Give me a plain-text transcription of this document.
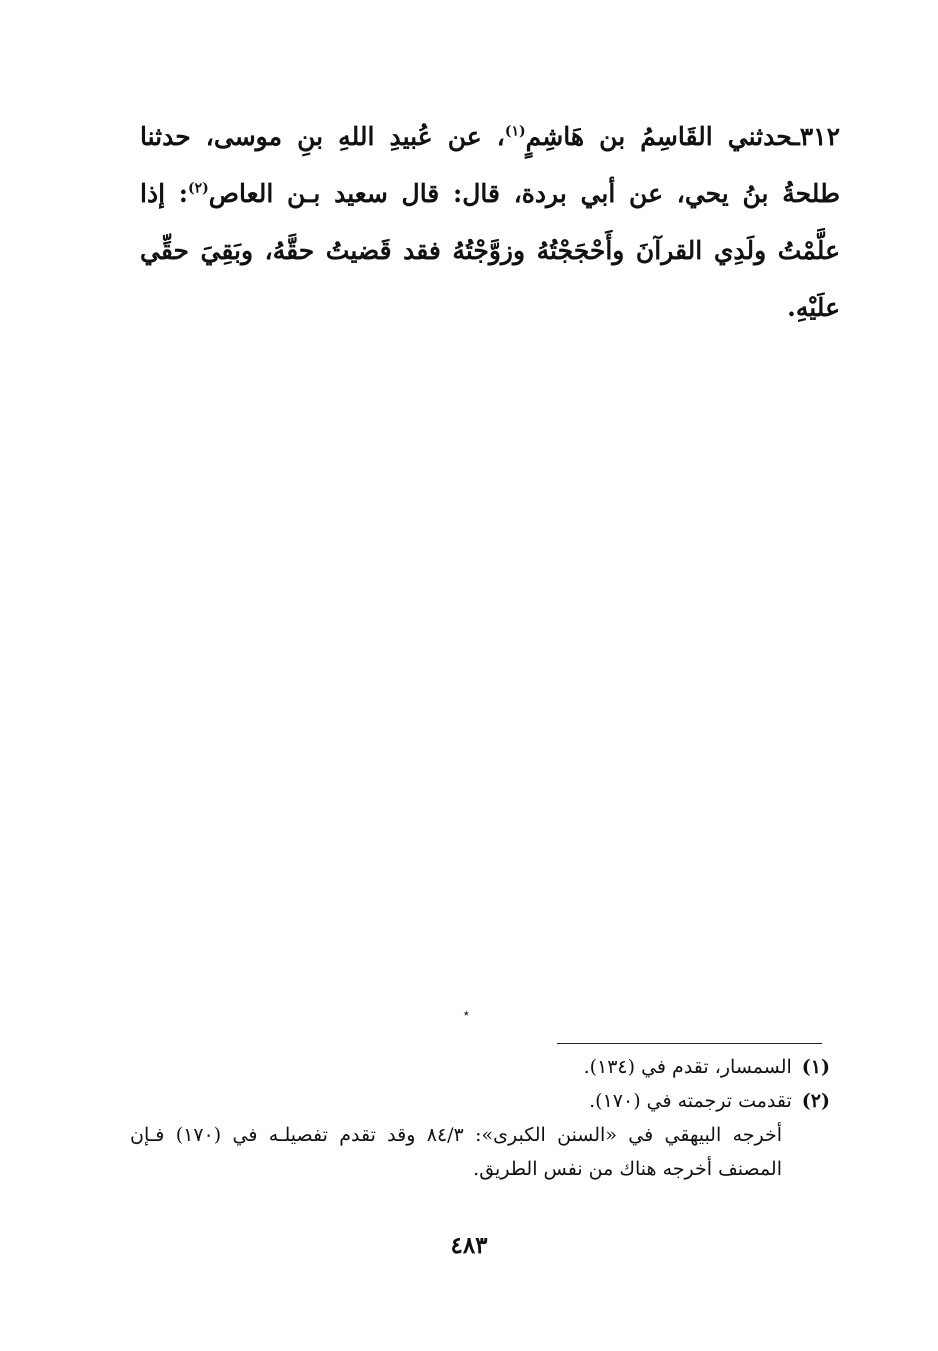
٣١٢ـحدثني القَاسِمُ بن هَاشِمٍ$^{(١)}$، عن عُبيدِ اللهِ بنِ موسى، حدثنا طلحةُ بنُ يحي، عن أبي بردة، قال: قال سعيد بـن العاص$^{(٢)}$: إذا علَّمْتُ ولَدِي القرآنَ وأَحْجَجْتُهُ وزوَّجْتُهُ فقد قَضيتُ حقَّهُ، وبَقِيَ حقِّي علَيْهِ.

٭

(١)السمسار، تقدم في (١٣٤).

(٢)تقدمت ترجمته في (١٧٠).

أخرجه البيهقي في «السنن الكبرى»: ٨٤/٣ وقد تقدم تفصيلـه في (١٧٠) فـإن المصنف أخرجه هناك من نفس الطريق.

٤٨٣
